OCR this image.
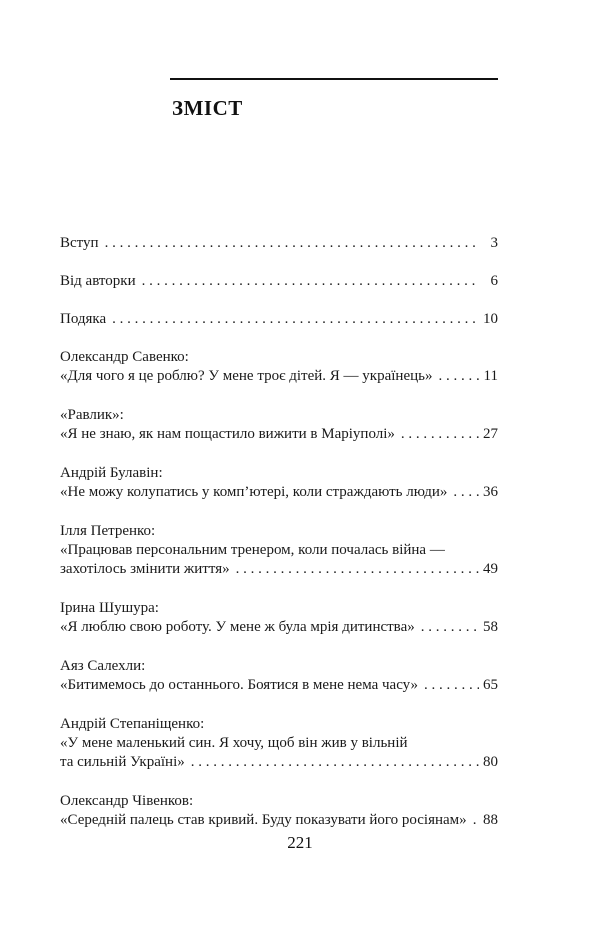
ЗМІСТ
Вступ . . .	3
Від авторки . . .	6
Подяка . . .	10
Олександр Савенко:
«Для чого я це роблю? У мене троє дітей. Я — українець» . . .	11
«Равлик»:
«Я не знаю, як нам пощастило вижити в Маріуполі» . . .	27
Андрій Булавін:
«Не можу колупатись у комп’ютері, коли страждають люди» . . . 36
Ілля Петренко:
«Працював персональним тренером, коли почалась війна —
захотілось змінити життя» . . .	49
Ірина Шушура:
«Я люблю свою роботу. У мене ж була мрія дитинства» . . .	58
Аяз Салехли:
«Битимемось до останнього. Боятися в мене нема часу» . . .	65
Андрій Степаніщенко:
«У мене маленький син. Я хочу, щоб він жив у вільній
та сильній Україні» . . .	80
Олександр Чівенков:
«Середній палець став кривий. Буду показувати його росіянам» . . . 88
221
